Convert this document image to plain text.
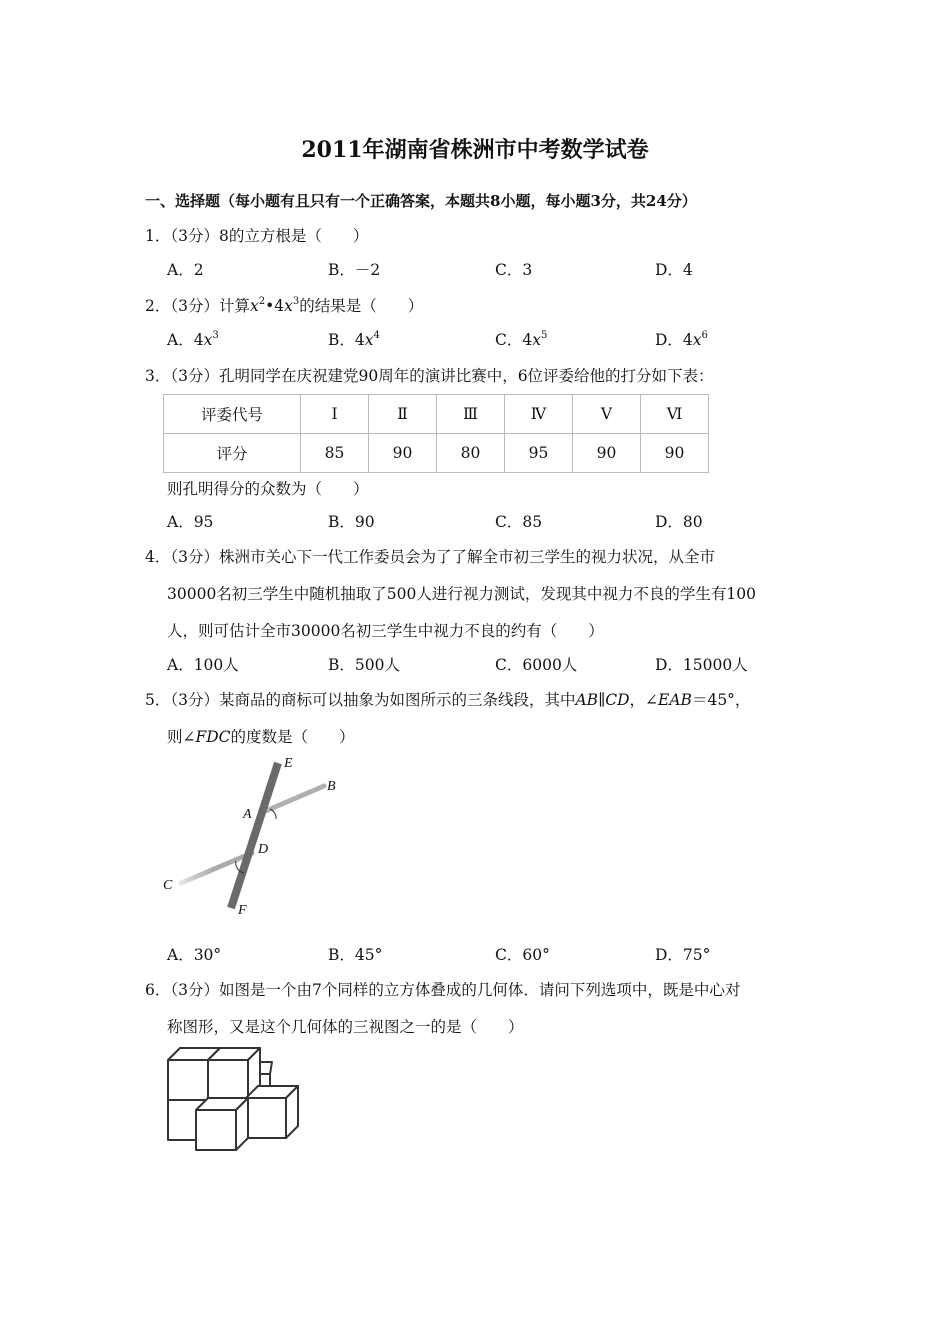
2011年湖南省株洲市中考数学试卷
一、选择题（每小题有且只有一个正确答案，本题共8小题，每小题3分，共24分）
1．（3分）8的立方根是（　　）
A．2	B．－2	C．3	D．4
2．（3分）计算$x^2•4x^3$的结果是（　　）
A．$4x^3$	B．$4x^4$	C．$4x^5$	D．$4x^6$
3．（3分）孔明同学在庆祝建党90周年的演讲比赛中，6位评委给他的打分如下表：
评委代号	Ⅰ	Ⅱ	Ⅲ	Ⅳ	Ⅴ	Ⅵ
评分	85	90	80	95	90	90
则孔明得分的众数为（　　）
A．95	B．90	C．85	D．80
4．（3分）株洲市关心下一代工作委员会为了了解全市初三学生的视力状况，从全市
30000名初三学生中随机抽取了500人进行视力测试，发现其中视力不良的学生有100
人，则可估计全市30000名初三学生中视力不良的约有（　　）
A．100人	B．500人	C．6000人	D．15000人
5．（3分）某商品的商标可以抽象为如图所示的三条线段，其中AB∥CD，∠EAB＝45°，
则∠FDC的度数是（　　）
E
B
A
D
C
F
A．30°	B．45°	C．60°	D．75°
6．（3分）如图是一个由7个同样的立方体叠成的几何体．请问下列选项中，既是中心对
称图形，又是这个几何体的三视图之一的是（　　）
